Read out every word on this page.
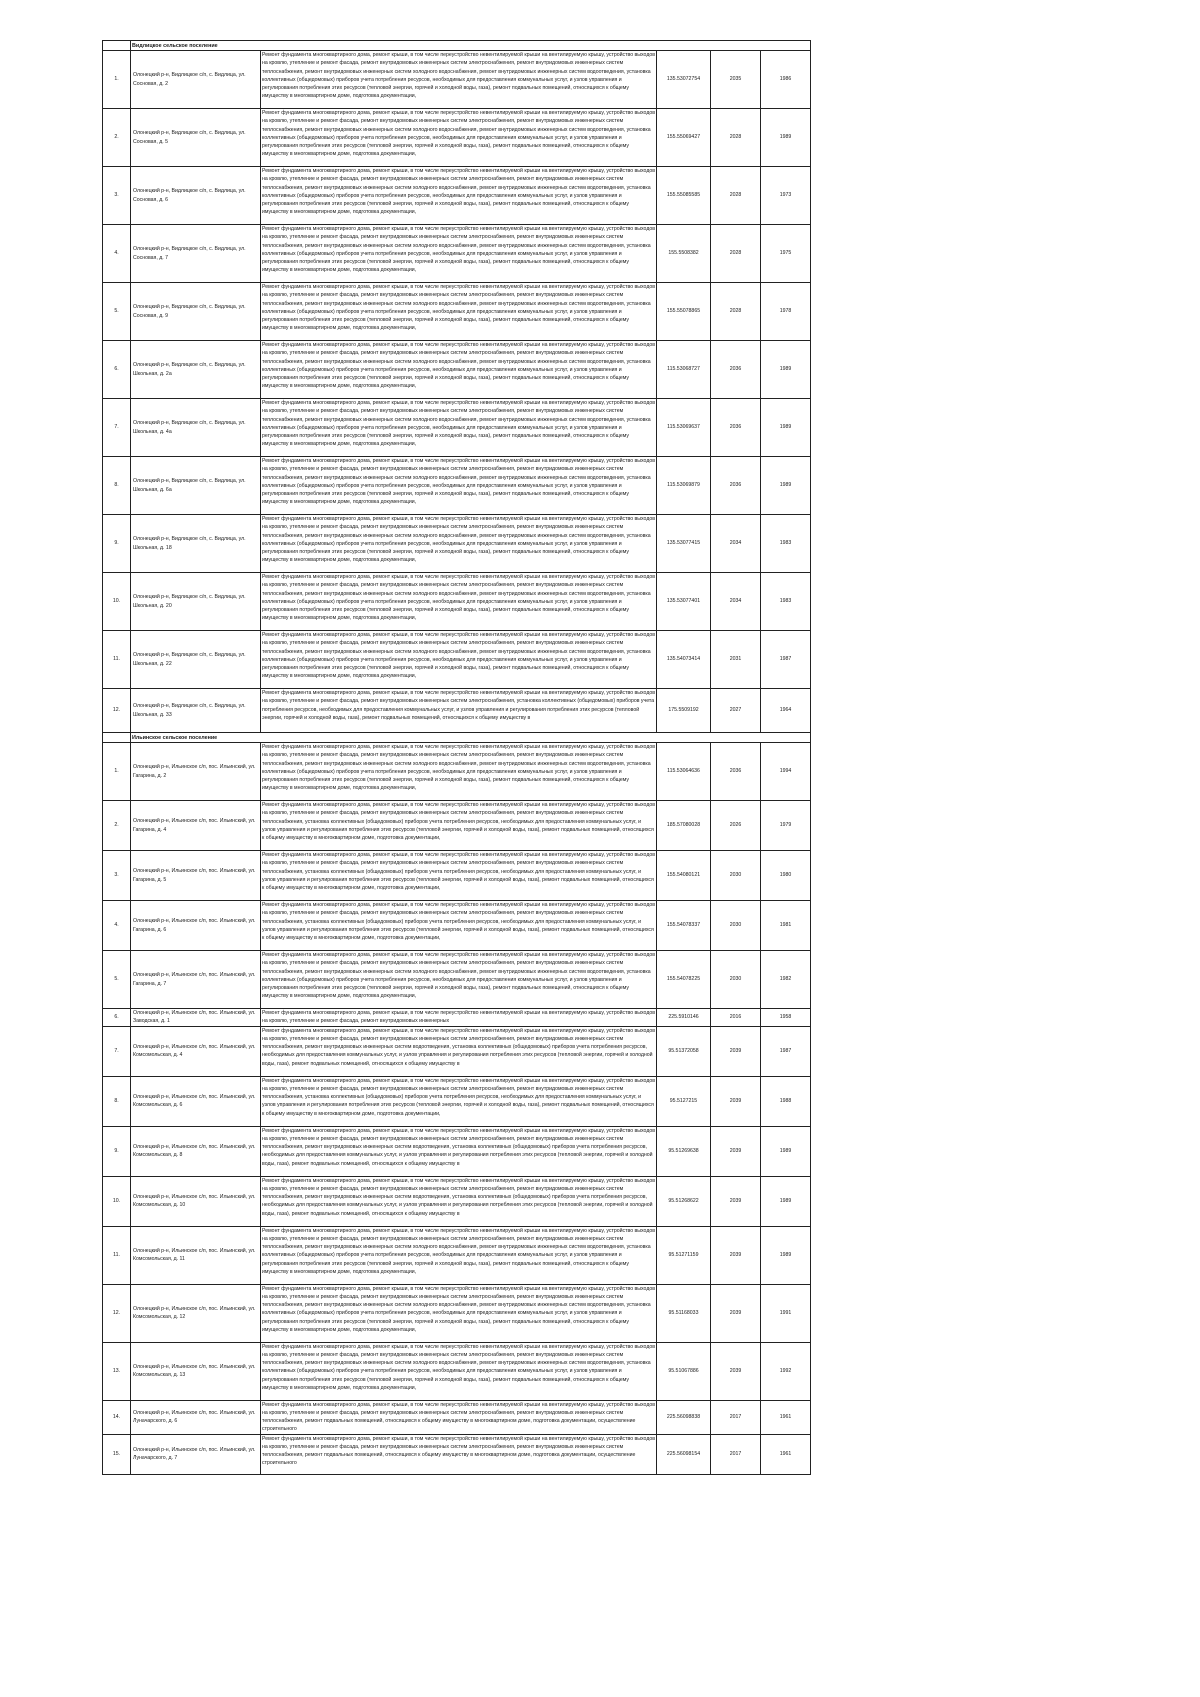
	Видлицкое сельское поселение				
1.	Олонецкий р-н, Видлицкое с/п, с. Видлица, ул. Сосновая, д. 2	Ремонт фундамента многоквартирного дома, ремонт крыши, в том числе переустройство невентилируемой крыши на вентилируемую крышу, устройство выходов на кровлю, утепление и ремонт фасада, ремонт внутридомовых инженерных систем электроснабжения, ремонт внутридомовых инженерных систем теплоснабжения, ремонт внутридомовых инженерных систем холодного водоснабжения, ремонт внутридомовых инженерных систем водоотведения, установка коллективных (общедомовых) приборов учета потребления ресурсов, необходимых для предоставления коммунальных услуг, и узлов управления и регулирования потребления этих ресурсов (тепловой энергии, горячей и холодной воды, газа), ремонт подвальных помещений, относящихся к общему имуществу в многоквартирном доме, подготовка документации,	135.53072754	2035	1986
2.	Олонецкий р-н, Видлицкое с/п, с. Видлица, ул. Сосновая, д. 5	Ремонт фундамента многоквартирного дома, ремонт крыши, в том числе переустройство невентилируемой крыши на вентилируемую крышу, устройство выходов на кровлю, утепление и ремонт фасада, ремонт внутридомовых инженерных систем электроснабжения, ремонт внутридомовых инженерных систем теплоснабжения, ремонт внутридомовых инженерных систем холодного водоснабжения, ремонт внутридомовых инженерных систем водоотведения, установка коллективных (общедомовых) приборов учета потребления ресурсов, необходимых для предоставления коммунальных услуг, и узлов управления и регулирования потребления этих ресурсов (тепловой энергии, горячей и холодной воды, газа), ремонт подвальных помещений, относящихся к общему имуществу в многоквартирном доме, подготовка документации,	155.55069427	2028	1989
3.	Олонецкий р-н, Видлицкое с/п, с. Видлица, ул. Сосновая, д. 6	Ремонт фундамента многоквартирного дома, ремонт крыши, в том числе переустройство невентилируемой крыши на вентилируемую крышу, устройство выходов на кровлю, утепление и ремонт фасада, ремонт внутридомовых инженерных систем электроснабжения, ремонт внутридомовых инженерных систем теплоснабжения, ремонт внутридомовых инженерных систем холодного водоснабжения, ремонт внутридомовых инженерных систем водоотведения, установка коллективных (общедомовых) приборов учета потребления ресурсов, необходимых для предоставления коммунальных услуг, и узлов управления и регулирования потребления этих ресурсов (тепловой энергии, горячей и холодной воды, газа), ремонт подвальных помещений, относящихся к общему имуществу в многоквартирном доме, подготовка документации,	155.55085585	2028	1973
4.	Олонецкий р-н, Видлицкое с/п, с. Видлица, ул. Сосновая, д. 7	Ремонт фундамента многоквартирного дома, ремонт крыши, в том числе переустройство невентилируемой крыши на вентилируемую крышу, устройство выходов на кровлю, утепление и ремонт фасада, ремонт внутридомовых инженерных систем электроснабжения, ремонт внутридомовых инженерных систем теплоснабжения, ремонт внутридомовых инженерных систем холодного водоснабжения, ремонт внутридомовых инженерных систем водоотведения, установка коллективных (общедомовых) приборов учета потребления ресурсов, необходимых для предоставления коммунальных услуг, и узлов управления и регулирования потребления этих ресурсов (тепловой энергии, горячей и холодной воды, газа), ремонт подвальных помещений, относящихся к общему имуществу в многоквартирном доме, подготовка документации,	155.5508382	2028	1975
5.	Олонецкий р-н, Видлицкое с/п, с. Видлица, ул. Сосновая, д. 9	Ремонт фундамента многоквартирного дома, ремонт крыши, в том числе переустройство невентилируемой крыши на вентилируемую крышу, устройство выходов на кровлю, утепление и ремонт фасада, ремонт внутридомовых инженерных систем электроснабжения, ремонт внутридомовых инженерных систем теплоснабжения, ремонт внутридомовых инженерных систем холодного водоснабжения, ремонт внутридомовых инженерных систем водоотведения, установка коллективных (общедомовых) приборов учета потребления ресурсов, необходимых для предоставления коммунальных услуг, и узлов управления и регулирования потребления этих ресурсов (тепловой энергии, горячей и холодной воды, газа), ремонт подвальных помещений, относящихся к общему имуществу в многоквартирном доме, подготовка документации,	155.55078865	2028	1978
6.	Олонецкий р-н, Видлицкое с/п, с. Видлица, ул. Школьная, д. 2а	Ремонт фундамента многоквартирного дома, ремонт крыши, в том числе переустройство невентилируемой крыши на вентилируемую крышу, устройство выходов на кровлю, утепление и ремонт фасада, ремонт внутридомовых инженерных систем электроснабжения, ремонт внутридомовых инженерных систем теплоснабжения, ремонт внутридомовых инженерных систем холодного водоснабжения, ремонт внутридомовых инженерных систем водоотведения, установка коллективных (общедомовых) приборов учета потребления ресурсов, необходимых для предоставления коммунальных услуг, и узлов управления и регулирования потребления этих ресурсов (тепловой энергии, горячей и холодной воды, газа), ремонт подвальных помещений, относящихся к общему имуществу в многоквартирном доме, подготовка документации,	115.53068727	2036	1989
7.	Олонецкий р-н, Видлицкое с/п, с. Видлица, ул. Школьная, д. 4а	Ремонт фундамента многоквартирного дома, ремонт крыши, в том числе переустройство невентилируемой крыши на вентилируемую крышу, устройство выходов на кровлю, утепление и ремонт фасада, ремонт внутридомовых инженерных систем электроснабжения, ремонт внутридомовых инженерных систем теплоснабжения, ремонт внутридомовых инженерных систем холодного водоснабжения, ремонт внутридомовых инженерных систем водоотведения, установка коллективных (общедомовых) приборов учета потребления ресурсов, необходимых для предоставления коммунальных услуг, и узлов управления и регулирования потребления этих ресурсов (тепловой энергии, горячей и холодной воды, газа), ремонт подвальных помещений, относящихся к общему имуществу в многоквартирном доме, подготовка документации,	115.53069637	2036	1989
8.	Олонецкий р-н, Видлицкое с/п, с. Видлица, ул. Школьная, д. 6а	Ремонт фундамента многоквартирного дома, ремонт крыши, в том числе переустройство невентилируемой крыши на вентилируемую крышу, устройство выходов на кровлю, утепление и ремонт фасада, ремонт внутридомовых инженерных систем электроснабжения, ремонт внутридомовых инженерных систем теплоснабжения, ремонт внутридомовых инженерных систем холодного водоснабжения, ремонт внутридомовых инженерных систем водоотведения, установка коллективных (общедомовых) приборов учета потребления ресурсов, необходимых для предоставления коммунальных услуг, и узлов управления и регулирования потребления этих ресурсов (тепловой энергии, горячей и холодной воды, газа), ремонт подвальных помещений, относящихся к общему имуществу в многоквартирном доме, подготовка документации,	115.53069879	2036	1989
9.	Олонецкий р-н, Видлицкое с/п, с. Видлица, ул. Школьная, д. 18	Ремонт фундамента многоквартирного дома, ремонт крыши, в том числе переустройство невентилируемой крыши на вентилируемую крышу, устройство выходов на кровлю, утепление и ремонт фасада, ремонт внутридомовых инженерных систем электроснабжения, ремонт внутридомовых инженерных систем теплоснабжения, ремонт внутридомовых инженерных систем холодного водоснабжения, ремонт внутридомовых инженерных систем водоотведения, установка коллективных (общедомовых) приборов учета потребления ресурсов, необходимых для предоставления коммунальных услуг, и узлов управления и регулирования потребления этих ресурсов (тепловой энергии, горячей и холодной воды, газа), ремонт подвальных помещений, относящихся к общему имуществу в многоквартирном доме, подготовка документации,	135.53077415	2034	1983
10.	Олонецкий р-н, Видлицкое с/п, с. Видлица, ул. Школьная, д. 20	Ремонт фундамента многоквартирного дома, ремонт крыши, в том числе переустройство невентилируемой крыши на вентилируемую крышу, устройство выходов на кровлю, утепление и ремонт фасада, ремонт внутридомовых инженерных систем электроснабжения, ремонт внутридомовых инженерных систем теплоснабжения, ремонт внутридомовых инженерных систем холодного водоснабжения, ремонт внутридомовых инженерных систем водоотведения, установка коллективных (общедомовых) приборов учета потребления ресурсов, необходимых для предоставления коммунальных услуг, и узлов управления и регулирования потребления этих ресурсов (тепловой энергии, горячей и холодной воды, газа), ремонт подвальных помещений, относящихся к общему имуществу в многоквартирном доме, подготовка документации,	135.53077401	2034	1983
11.	Олонецкий р-н, Видлицкое с/п, с. Видлица, ул. Школьная, д. 22	Ремонт фундамента многоквартирного дома, ремонт крыши, в том числе переустройство невентилируемой крыши на вентилируемую крышу, устройство выходов на кровлю, утепление и ремонт фасада, ремонт внутридомовых инженерных систем электроснабжения, ремонт внутридомовых инженерных систем теплоснабжения, ремонт внутридомовых инженерных систем холодного водоснабжения, ремонт внутридомовых инженерных систем водоотведения, установка коллективных (общедомовых) приборов учета потребления ресурсов, необходимых для предоставления коммунальных услуг, и узлов управления и регулирования потребления этих ресурсов (тепловой энергии, горячей и холодной воды, газа), ремонт подвальных помещений, относящихся к общему имуществу в многоквартирном доме, подготовка документации,	135.54073414	2031	1987
12.	Олонецкий р-н, Видлицкое с/п, с. Видлица, ул. Школьная, д. 33	Ремонт фундамента многоквартирного дома, ремонт крыши, в том числе переустройство невентилируемой крыши на вентилируемую крышу, устройство выходов на кровлю, утепление и ремонт фасада, ремонт внутридомовых инженерных систем электроснабжения, установка коллективных (общедомовых) приборов учета потребления ресурсов, необходимых для предоставления коммунальных услуг, и узлов управления и регулирования потребления этих ресурсов (тепловой энергии, горячей и холодной воды, газа), ремонт подвальных помещений, относящихся к общему имуществу в	175.5509192	2027	1964
	Ильинское сельское поселение				
1.	Олонецкий р-н, Ильинское с/п, пос. Ильинский, ул. Гагарина, д. 2	Ремонт фундамента многоквартирного дома, ремонт крыши, в том числе переустройство невентилируемой крыши на вентилируемую крышу, устройство выходов на кровлю, утепление и ремонт фасада, ремонт внутридомовых инженерных систем электроснабжения, ремонт внутридомовых инженерных систем теплоснабжения, ремонт внутридомовых инженерных систем холодного водоснабжения, ремонт внутридомовых инженерных систем водоотведения, установка коллективных (общедомовых) приборов учета потребления ресурсов, необходимых для предоставления коммунальных услуг, и узлов управления и регулирования потребления этих ресурсов (тепловой энергии, горячей и холодной воды, газа), ремонт подвальных помещений, относящихся к общему имуществу в многоквартирном доме, подготовка документации,	115.53064636	2036	1994
2.	Олонецкий р-н, Ильинское с/п, пос. Ильинский, ул. Гагарина, д. 4	Ремонт фундамента многоквартирного дома, ремонт крыши, в том числе переустройство невентилируемой крыши на вентилируемую крышу, устройство выходов на кровлю, утепление и ремонт фасада, ремонт внутридомовых инженерных систем электроснабжения, ремонт внутридомовых инженерных систем теплоснабжения, установка коллективных (общедомовых) приборов учета потребления ресурсов, необходимых для предоставления коммунальных услуг, и узлов управления и регулирования потребления этих ресурсов (тепловой энергии, горячей и холодной воды, газа), ремонт подвальных помещений, относящихся к общему имуществу в многоквартирном доме, подготовка документации,	185.57080028	2026	1979
3.	Олонецкий р-н, Ильинское с/п, пос. Ильинский, ул. Гагарина, д. 5	Ремонт фундамента многоквартирного дома, ремонт крыши, в том числе переустройство невентилируемой крыши на вентилируемую крышу, устройство выходов на кровлю, утепление и ремонт фасада, ремонт внутридомовых инженерных систем электроснабжения, ремонт внутридомовых инженерных систем теплоснабжения, установка коллективных (общедомовых) приборов учета потребления ресурсов, необходимых для предоставления коммунальных услуг, и узлов управления и регулирования потребления этих ресурсов (тепловой энергии, горячей и холодной воды, газа), ремонт подвальных помещений, относящихся к общему имуществу в многоквартирном доме, подготовка документации,	155.54080121	2030	1980
4.	Олонецкий р-н, Ильинское с/п, пос. Ильинский, ул. Гагарина, д. 6	Ремонт фундамента многоквартирного дома, ремонт крыши, в том числе переустройство невентилируемой крыши на вентилируемую крышу, устройство выходов на кровлю, утепление и ремонт фасада, ремонт внутридомовых инженерных систем электроснабжения, ремонт внутридомовых инженерных систем теплоснабжения, установка коллективных (общедомовых) приборов учета потребления ресурсов, необходимых для предоставления коммунальных услуг, и узлов управления и регулирования потребления этих ресурсов (тепловой энергии, горячей и холодной воды, газа), ремонт подвальных помещений, относящихся к общему имуществу в многоквартирном доме, подготовка документации,	155.54078337	2030	1981
5.	Олонецкий р-н, Ильинское с/п, пос. Ильинский, ул. Гагарина, д. 7	Ремонт фундамента многоквартирного дома, ремонт крыши, в том числе переустройство невентилируемой крыши на вентилируемую крышу, устройство выходов на кровлю, утепление и ремонт фасада, ремонт внутридомовых инженерных систем электроснабжения, ремонт внутридомовых инженерных систем теплоснабжения, ремонт внутридомовых инженерных систем холодного водоснабжения, ремонт внутридомовых инженерных систем водоотведения, установка коллективных (общедомовых) приборов учета потребления ресурсов, необходимых для предоставления коммунальных услуг, и узлов управления и регулирования потребления этих ресурсов (тепловой энергии, горячей и холодной воды, газа), ремонт подвальных помещений, относящихся к общему имуществу в многоквартирном доме, подготовка документации,	155.54078225	2030	1982
6.	Олонецкий р-н, Ильинское с/п, пос. Ильинский, ул. Заводская, д. 1	Ремонт фундамента многоквартирного дома, ремонт крыши, в том числе переустройство невентилируемой крыши на вентилируемую крышу, устройство выходов на кровлю, утепление и ремонт фасада, ремонт внутридомовых инженерных	225.5910146	2016	1958
7.	Олонецкий р-н, Ильинское с/п, пос. Ильинский, ул. Комсомольская, д. 4	Ремонт фундамента многоквартирного дома, ремонт крыши, в том числе переустройство невентилируемой крыши на вентилируемую крышу, устройство выходов на кровлю, утепление и ремонт фасада, ремонт внутридомовых инженерных систем электроснабжения, ремонт внутридомовых инженерных систем теплоснабжения, ремонт внутридомовых инженерных систем водоотведения, установка коллективных (общедомовых) приборов учета потребления ресурсов, необходимых для предоставления коммунальных услуг, и узлов управления и регулирования потребления этих ресурсов (тепловой энергии, горячей и холодной воды, газа), ремонт подвальных помещений, относящихся к общему имуществу в	95.51372058	2039	1987
8.	Олонецкий р-н, Ильинское с/п, пос. Ильинский, ул. Комсомольская, д. 6	Ремонт фундамента многоквартирного дома, ремонт крыши, в том числе переустройство невентилируемой крыши на вентилируемую крышу, устройство выходов на кровлю, утепление и ремонт фасада, ремонт внутридомовых инженерных систем электроснабжения, ремонт внутридомовых инженерных систем теплоснабжения, установка коллективных (общедомовых) приборов учета потребления ресурсов, необходимых для предоставления коммунальных услуг, и узлов управления и регулирования потребления этих ресурсов (тепловой энергии, горячей и холодной воды, газа), ремонт подвальных помещений, относящихся к общему имуществу в многоквартирном доме, подготовка документации,	95.5127215	2039	1988
9.	Олонецкий р-н, Ильинское с/п, пос. Ильинский, ул. Комсомольская, д. 8	Ремонт фундамента многоквартирного дома, ремонт крыши, в том числе переустройство невентилируемой крыши на вентилируемую крышу, устройство выходов на кровлю, утепление и ремонт фасада, ремонт внутридомовых инженерных систем электроснабжения, ремонт внутридомовых инженерных систем теплоснабжения, ремонт внутридомовых инженерных систем водоотведения, установка коллективных (общедомовых) приборов учета потребления ресурсов, необходимых для предоставления коммунальных услуг, и узлов управления и регулирования потребления этих ресурсов (тепловой энергии, горячей и холодной воды, газа), ремонт подвальных помещений, относящихся к общему имуществу в	95.51269638	2039	1989
10.	Олонецкий р-н, Ильинское с/п, пос. Ильинский, ул. Комсомольская, д. 10	Ремонт фундамента многоквартирного дома, ремонт крыши, в том числе переустройство невентилируемой крыши на вентилируемую крышу, устройство выходов на кровлю, утепление и ремонт фасада, ремонт внутридомовых инженерных систем электроснабжения, ремонт внутридомовых инженерных систем теплоснабжения, ремонт внутридомовых инженерных систем водоотведения, установка коллективных (общедомовых) приборов учета потребления ресурсов, необходимых для предоставления коммунальных услуг, и узлов управления и регулирования потребления этих ресурсов (тепловой энергии, горячей и холодной воды, газа), ремонт подвальных помещений, относящихся к общему имуществу в	95.51268622	2039	1989
11.	Олонецкий р-н, Ильинское с/п, пос. Ильинский, ул. Комсомольская, д. 11	Ремонт фундамента многоквартирного дома, ремонт крыши, в том числе переустройство невентилируемой крыши на вентилируемую крышу, устройство выходов на кровлю, утепление и ремонт фасада, ремонт внутридомовых инженерных систем электроснабжения, ремонт внутридомовых инженерных систем теплоснабжения, ремонт внутридомовых инженерных систем холодного водоснабжения, ремонт внутридомовых инженерных систем водоотведения, установка коллективных (общедомовых) приборов учета потребления ресурсов, необходимых для предоставления коммунальных услуг, и узлов управления и регулирования потребления этих ресурсов (тепловой энергии, горячей и холодной воды, газа), ремонт подвальных помещений, относящихся к общему имуществу в многоквартирном доме, подготовка документации,	95.51271159	2039	1989
12.	Олонецкий р-н, Ильинское с/п, пос. Ильинский, ул. Комсомольская, д. 12	Ремонт фундамента многоквартирного дома, ремонт крыши, в том числе переустройство невентилируемой крыши на вентилируемую крышу, устройство выходов на кровлю, утепление и ремонт фасада, ремонт внутридомовых инженерных систем электроснабжения, ремонт внутридомовых инженерных систем теплоснабжения, ремонт внутридомовых инженерных систем холодного водоснабжения, ремонт внутридомовых инженерных систем водоотведения, установка коллективных (общедомовых) приборов учета потребления ресурсов, необходимых для предоставления коммунальных услуг, и узлов управления и регулирования потребления этих ресурсов (тепловой энергии, горячей и холодной воды, газа), ремонт подвальных помещений, относящихся к общему имуществу в многоквартирном доме, подготовка документации,	95.51168033	2039	1991
13.	Олонецкий р-н, Ильинское с/п, пос. Ильинский, ул. Комсомольская, д. 13	Ремонт фундамента многоквартирного дома, ремонт крыши, в том числе переустройство невентилируемой крыши на вентилируемую крышу, устройство выходов на кровлю, утепление и ремонт фасада, ремонт внутридомовых инженерных систем электроснабжения, ремонт внутридомовых инженерных систем теплоснабжения, ремонт внутридомовых инженерных систем холодного водоснабжения, ремонт внутридомовых инженерных систем водоотведения, установка коллективных (общедомовых) приборов учета потребления ресурсов, необходимых для предоставления коммунальных услуг, и узлов управления и регулирования потребления этих ресурсов (тепловой энергии, горячей и холодной воды, газа), ремонт подвальных помещений, относящихся к общему имуществу в многоквартирном доме, подготовка документации,	95.51067886	2039	1992
14.	Олонецкий р-н, Ильинское с/п, пос. Ильинский, ул. Луначарского, д. 6	Ремонт фундамента многоквартирного дома, ремонт крыши, в том числе переустройство невентилируемой крыши на вентилируемую крышу, устройство выходов на кровлю, утепление и ремонт фасада, ремонт внутридомовых инженерных систем электроснабжения, ремонт внутридомовых инженерных систем теплоснабжения, ремонт подвальных помещений, относящихся к общему имуществу в многоквартирном доме, подготовка документации, осуществление строительного	225.56098838	2017	1961
15.	Олонецкий р-н, Ильинское с/п, пос. Ильинский, ул. Луначарского, д. 7	Ремонт фундамента многоквартирного дома, ремонт крыши, в том числе переустройство невентилируемой крыши на вентилируемую крышу, устройство выходов на кровлю, утепление и ремонт фасада, ремонт внутридомовых инженерных систем электроснабжения, ремонт внутридомовых инженерных систем теплоснабжения, ремонт подвальных помещений, относящихся к общему имуществу в многоквартирном доме, подготовка документации, осуществление строительного	225.56098154	2017	1961
